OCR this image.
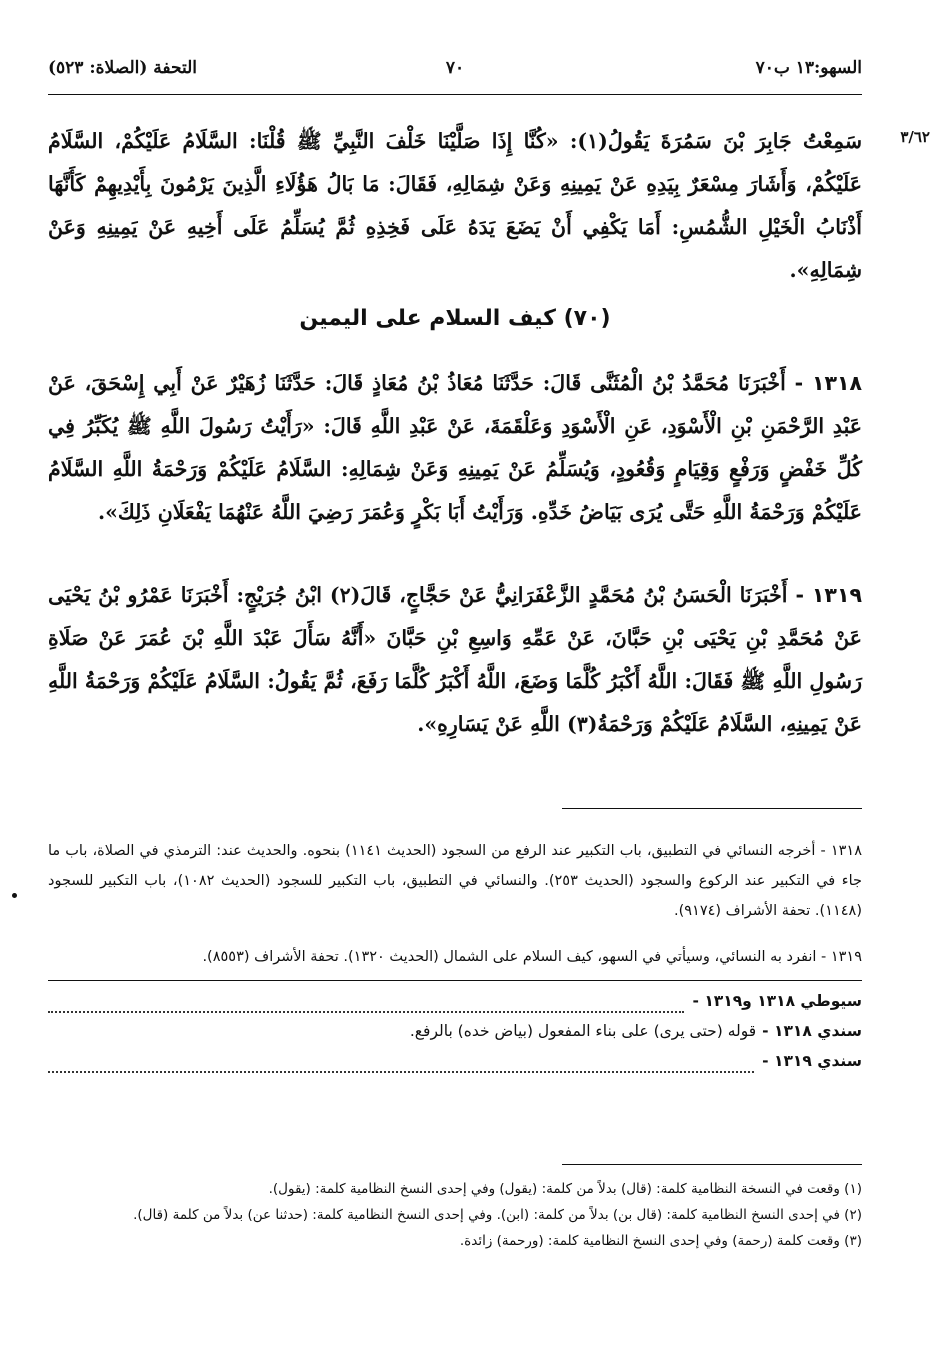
السهو:١٣ ب٧٠
٧٠
التحفة (الصلاة: ٥٢٣)
٣/٦٢
سَمِعْتُ جَابِرَ بْنَ سَمُرَةَ يَقُولُ(١): «كُنَّا إِذَا صَلَّيْنَا خَلْفَ النَّبِيِّ ﷺ قُلْنَا: السَّلَامُ عَلَيْكُمْ، السَّلَامُ عَلَيْكُمْ، وَأَشَارَ مِسْعَرٌ بِيَدِهِ عَنْ يَمِينِهِ وَعَنْ شِمَالِهِ، فَقَالَ: مَا بَالُ هَؤُلَاءِ الَّذِينَ يَرْمُونَ بِأَيْدِيهِمْ كَأَنَّهَا أَذْنَابُ الْخَيْلِ الشُّمُسِ: أَمَا يَكْفِي أَنْ يَضَعَ يَدَهُ عَلَى فَخِذِهِ ثُمَّ يُسَلِّمُ عَلَى أَخِيهِ عَنْ يَمِينِهِ وَعَنْ شِمَالِهِ».
(٧٠) كيف السلام على اليمين
١٣١٨ - أَخْبَرَنَا مُحَمَّدُ بْنُ الْمُثَنَّى قَالَ: حَدَّثَنَا مُعَاذُ بْنُ مُعَاذٍ قَالَ: حَدَّثَنَا زُهَيْرٌ عَنْ أَبِي إِسْحَقَ، عَنْ عَبْدِ الرَّحْمَنِ بْنِ الْأَسْوَدِ، عَنِ الْأَسْوَدِ وَعَلْقَمَةَ، عَنْ عَبْدِ اللَّهِ قَالَ: «رَأَيْتُ رَسُولَ اللَّهِ ﷺ يُكَبِّرُ فِي كُلِّ خَفْضٍ وَرَفْعٍ وَقِيَامٍ وَقُعُودٍ، وَيُسَلِّمُ عَنْ يَمِينِهِ وَعَنْ شِمَالِهِ: السَّلَامُ عَلَيْكُمْ وَرَحْمَةُ اللَّهِ السَّلَامُ عَلَيْكُمْ وَرَحْمَةُ اللَّهِ حَتَّى يُرَى بَيَاضُ خَدِّهِ. وَرَأَيْتُ أَبَا بَكْرٍ وَعُمَرَ رَضِيَ اللَّهُ عَنْهُمَا يَفْعَلَانِ ذَلِكَ».
١٣١٩ - أَخْبَرَنَا الْحَسَنُ بْنُ مُحَمَّدٍ الزَّعْفَرَانِيُّ عَنْ حَجَّاجٍ، قَالَ(٢) ابْنُ جُرَيْجٍ: أَخْبَرَنَا عَمْرُو بْنُ يَحْيَى عَنْ مُحَمَّدِ بْنِ يَحْيَى بْنِ حَبَّانَ، عَنْ عَمِّهِ وَاسِعِ بْنِ حَبَّانَ «أَنَّهُ سَأَلَ عَبْدَ اللَّهِ بْنَ عُمَرَ عَنْ صَلَاةِ رَسُولِ اللَّهِ ﷺ فَقَالَ: اللَّهُ أَكْبَرُ كُلَّمَا وَضَعَ، اللَّهُ أَكْبَرُ كُلَّمَا رَفَعَ، ثُمَّ يَقُولُ: السَّلَامُ عَلَيْكُمْ وَرَحْمَةُ اللَّهِ عَنْ يَمِينِهِ، السَّلَامُ عَلَيْكُمْ وَرَحْمَةُ(٣) اللَّهِ عَنْ يَسَارِهِ».
١٣١٨ - أخرجه النسائي في التطبيق، باب التكبير عند الرفع من السجود (الحديث ١١٤١) بنحوه. والحديث عند: الترمذي في الصلاة، باب ما جاء في التكبير عند الركوع والسجود (الحديث ٢٥٣). والنسائي في التطبيق، باب التكبير للسجود (الحديث ١٠٨٢)، باب التكبير للسجود (١١٤٨). تحفة الأشراف (٩١٧٤).
١٣١٩ - انفرد به النسائي، وسيأتي في السهو، كيف السلام على الشمال (الحديث ١٣٢٠). تحفة الأشراف (٨٥٥٣).
سيوطي ١٣١٨ و١٣١٩ -
سندي ١٣١٨ -
قوله (حتى يرى) على بناء المفعول (بياض خده) بالرفع.
سندي ١٣١٩ -
(١) وقعت في النسخة النظامية كلمة: (قال) بدلاً من كلمة: (يقول) وفي إحدى النسخ النظامية كلمة: (يقول).
(٢) في إحدى النسخ النظامية كلمة: (قال بن) بدلاً من كلمة: (ابن). وفي إحدى النسخ النظامية كلمة: (حدثنا عن) بدلاً من كلمة (قال).
(٣) وقعت كلمة (رحمة) وفي إحدى النسخ النظامية كلمة: (ورحمة) زائدة.
